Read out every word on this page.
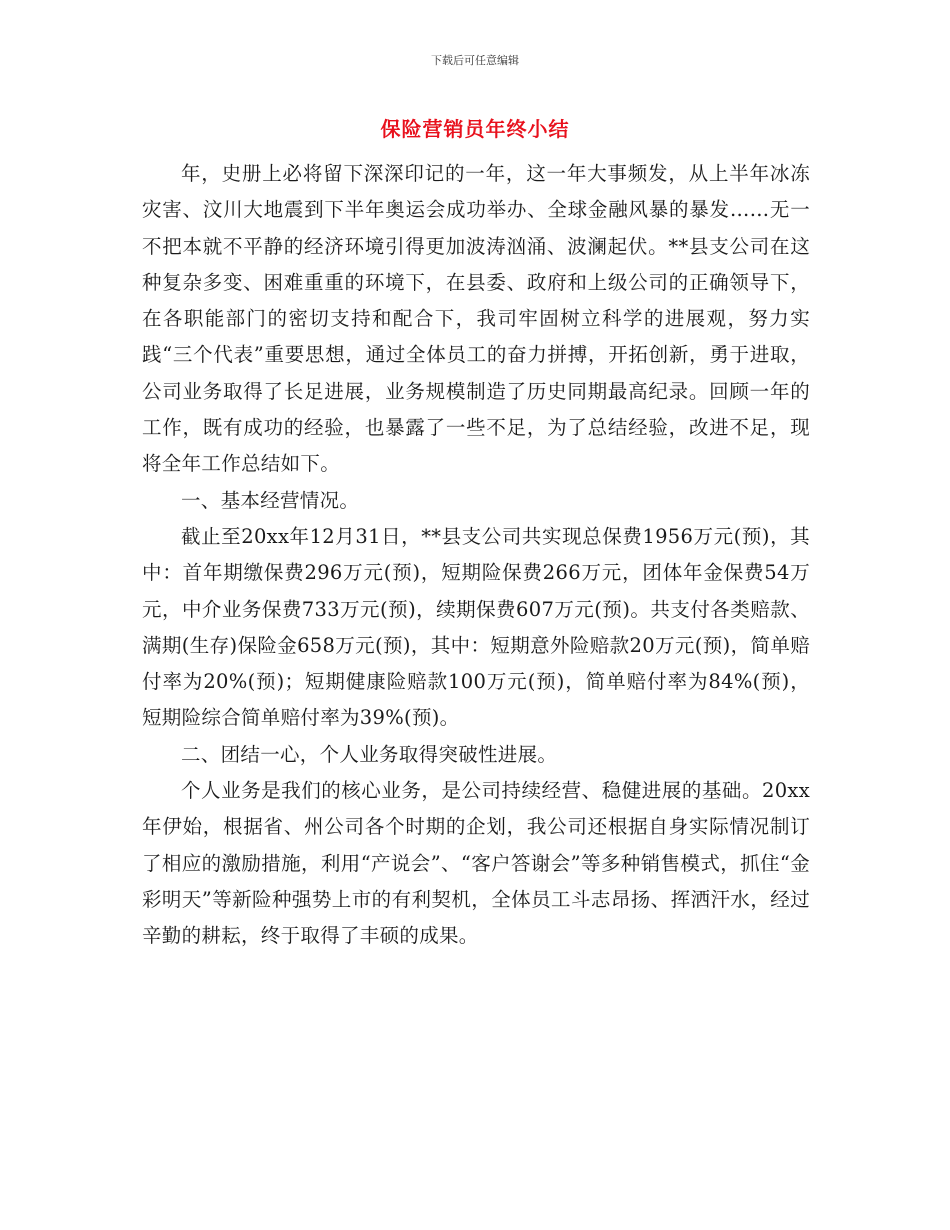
下载后可任意编辑
保险营销员年终小结

年，史册上必将留下深深印记的一年，这一年大事频发，从上半年冰冻灾害、汶川大地震到下半年奥运会成功举办、全球金融风暴的暴发……无一不把本就不平静的经济环境引得更加波涛汹涌、波澜起伏。**县支公司在这种复杂多变、困难重重的环境下，在县委、政府和上级公司的正确领导下，在各职能部门的密切支持和配合下，我司牢固树立科学的进展观，努力实践“三个代表”重要思想，通过全体员工的奋力拼搏，开拓创新，勇于进取，公司业务取得了长足进展，业务规模制造了历史同期最高纪录。回顾一年的工作，既有成功的经验，也暴露了一些不足，为了总结经验，改进不足，现将全年工作总结如下。

一、基本经营情况。

截止至20xx年12月31日，**县支公司共实现总保费1956万元(预)，其中：首年期缴保费296万元(预)，短期险保费266万元，团体年金保费54万元，中介业务保费733万元(预)，续期保费607万元(预)。共支付各类赔款、满期(生存)保险金658万元(预)，其中：短期意外险赔款20万元(预)，简单赔付率为20%(预)；短期健康险赔款100万元(预)，简单赔付率为84%(预)，短期险综合简单赔付率为39%(预)。

二、团结一心，个人业务取得突破性进展。

个人业务是我们的核心业务，是公司持续经营、稳健进展的基础。20xx年伊始，根据省、州公司各个时期的企划，我公司还根据自身实际情况制订了相应的激励措施，利用“产说会”、“客户答谢会”等多种销售模式，抓住“金彩明天”等新险种强势上市的有利契机，全体员工斗志昂扬、挥洒汗水，经过辛勤的耕耘，终于取得了丰硕的成果。
